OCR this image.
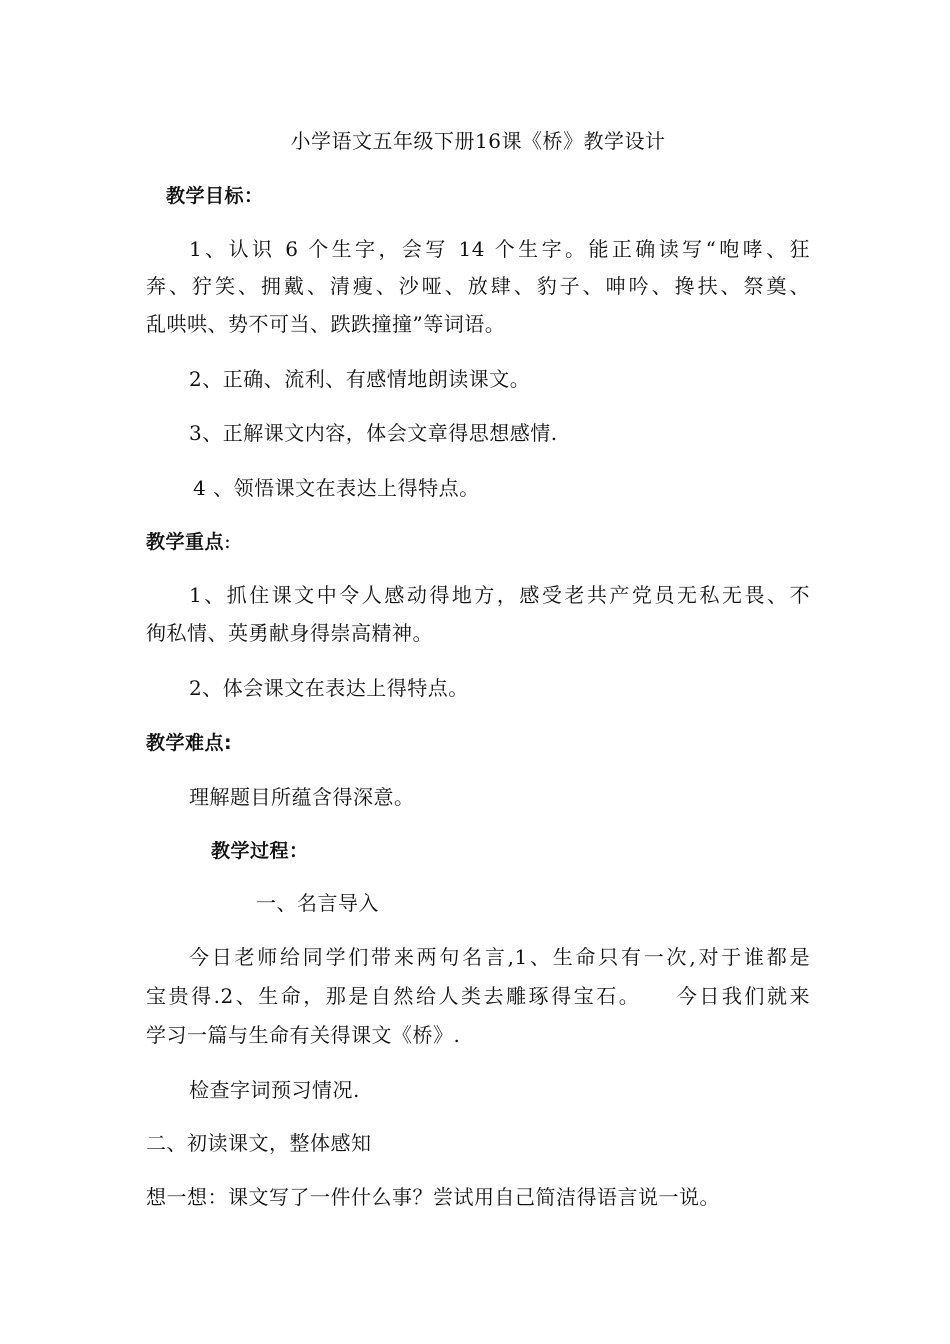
小学语文五年级下册16课《桥》教学设计
教学目标：
1、认识 6 个生字，会写 14 个生字。能正确读写“咆哮、狂
奔、狞笑、拥戴、清瘦、沙哑、放肆、豹子、呻吟、搀扶、祭奠、
乱哄哄、势不可当、跌跌撞撞”等词语。
2、正确、流利、有感情地朗读课文。
3、正解课文内容，体会文章得思想感情.
4 、领悟课文在表达上得特点。
教学重点:
1、抓住课文中令人感动得地方，感受老共产党员无私无畏、不
徇私情、英勇献身得崇高精神。
2、体会课文在表达上得特点。
教学难点:
理解题目所蕴含得深意。
教学过程：
一、名言导入
今日老师给同学们带来两句名言,1、生命只有一次,对于谁都是
宝贵得.2、生命，那是自然给人类去雕琢得宝石。    今日我们就来
学习一篇与生命有关得课文《桥》.
检查字词预习情况.
二、初读课文，整体感知
想一想：课文写了一件什么事？尝试用自己简洁得语言说一说。
